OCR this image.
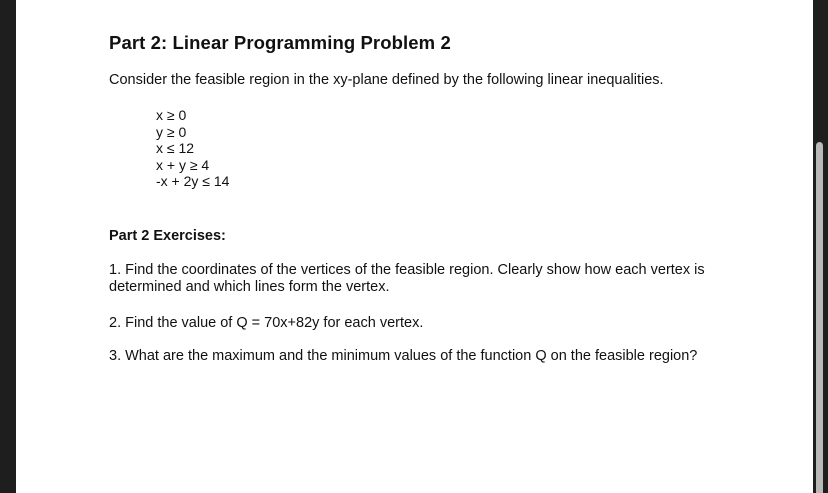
Part 2: Linear Programming Problem 2
Consider the feasible region in the xy-plane defined by the following linear inequalities.
x ≥ 0
y ≥ 0
x ≤ 12
x + y ≥ 4
-x + 2y ≤ 14
Part 2 Exercises:
1. Find the coordinates of the vertices of the feasible region. Clearly show how each vertex is determined and which lines form the vertex.
2. Find the value of Q = 70x+82y for each vertex.
3. What are the maximum and the minimum values of the function Q on the feasible region?
